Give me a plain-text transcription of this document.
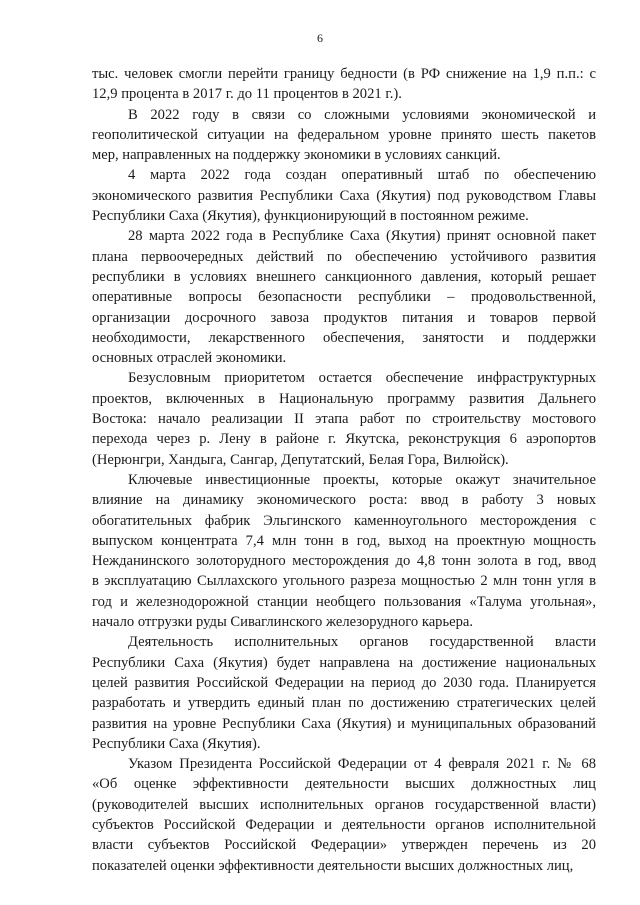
6
тыс. человек смогли перейти границу бедности (в РФ снижение на 1,9 п.п.: с
12,9 процента в 2017 г. до 11 процентов в 2021 г.).
В 2022 году в связи со сложными условиями экономической и
геополитической ситуации на федеральном уровне принято шесть пакетов
мер, направленных на поддержку экономики в условиях санкций.
4 марта 2022 года создан оперативный штаб по обеспечению
экономического развития Республики Саха (Якутия) под руководством Главы
Республики Саха (Якутия), функционирующий в постоянном режиме.
28 марта 2022 года в Республике Саха (Якутия) принят основной пакет
плана первоочередных действий по обеспечению устойчивого развития
республики в условиях внешнего санкционного давления, который решает
оперативные вопросы безопасности республики – продовольственной,
организации досрочного завоза продуктов питания и товаров первой
необходимости, лекарственного обеспечения, занятости и поддержки
основных отраслей экономики.
Безусловным приоритетом остается обеспечение инфраструктурных
проектов, включенных в Национальную программу развития Дальнего
Востока: начало реализации II этапа работ по строительству мостового
перехода через р. Лену в районе г. Якутска, реконструкция 6 аэропортов
(Нерюнгри, Хандыга, Сангар, Депутатский, Белая Гора, Вилюйск).
Ключевые инвестиционные проекты, которые окажут значительное
влияние на динамику экономического роста: ввод в работу 3 новых
обогатительных фабрик Эльгинского каменноугольного месторождения с
выпуском концентрата 7,4 млн тонн в год, выход на проектную мощность
Нежданинского золоторудного месторождения до 4,8 тонн золота в год, ввод
в эксплуатацию Сыллахского угольного разреза мощностью 2 млн тонн угля в
год и железнодорожной станции необщего пользования «Талума угольная»,
начало отгрузки руды Сиваглинского железорудного карьера.
Деятельность исполнительных органов государственной власти
Республики Саха (Якутия) будет направлена на достижение национальных
целей развития Российской Федерации на период до 2030 года. Планируется
разработать и утвердить единый план по достижению стратегических целей
развития на уровне Республики Саха (Якутия) и муниципальных образований
Республики Саха (Якутия).
Указом Президента Российской Федерации от 4 февраля 2021 г. № 68
«Об оценке эффективности деятельности высших должностных лиц
(руководителей высших исполнительных органов государственной власти)
субъектов Российской Федерации и деятельности органов исполнительной
власти субъектов Российской Федерации» утвержден перечень из 20
показателей оценки эффективности деятельности высших должностных лиц,
